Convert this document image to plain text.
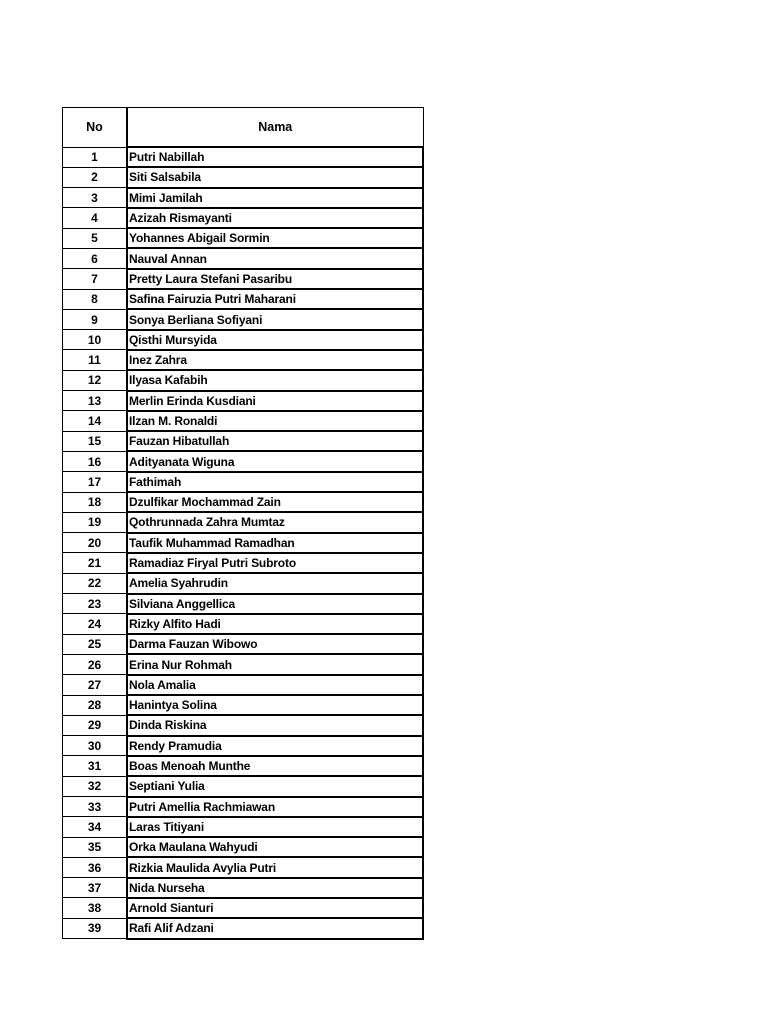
No	Nama
1	Putri Nabillah
2	Siti Salsabila
3	Mimi Jamilah
4	Azizah Rismayanti
5	Yohannes Abigail Sormin
6	Nauval Annan
7	Pretty Laura Stefani Pasaribu
8	Safina Fairuzia Putri Maharani
9	Sonya Berliana Sofiyani
10	Qisthi Mursyida
11	Inez Zahra
12	Ilyasa Kafabih
13	Merlin Erinda Kusdiani
14	Ilzan M. Ronaldi
15	Fauzan Hibatullah
16	Adityanata Wiguna
17	Fathimah
18	Dzulfikar Mochammad Zain
19	Qothrunnada Zahra Mumtaz
20	Taufik Muhammad Ramadhan
21	Ramadiaz Firyal Putri Subroto
22	Amelia Syahrudin
23	Silviana Anggellica
24	Rizky Alfito Hadi
25	Darma Fauzan Wibowo
26	Erina Nur Rohmah
27	Nola Amalia
28	Hanintya Solina
29	Dinda Riskina
30	Rendy Pramudia
31	Boas Menoah Munthe
32	Septiani Yulia
33	Putri Amellia Rachmiawan
34	Laras Titiyani
35	Orka Maulana Wahyudi
36	Rizkia Maulida Avylia Putri
37	Nida Nurseha
38	Arnold Sianturi
39	Rafi Alif Adzani
